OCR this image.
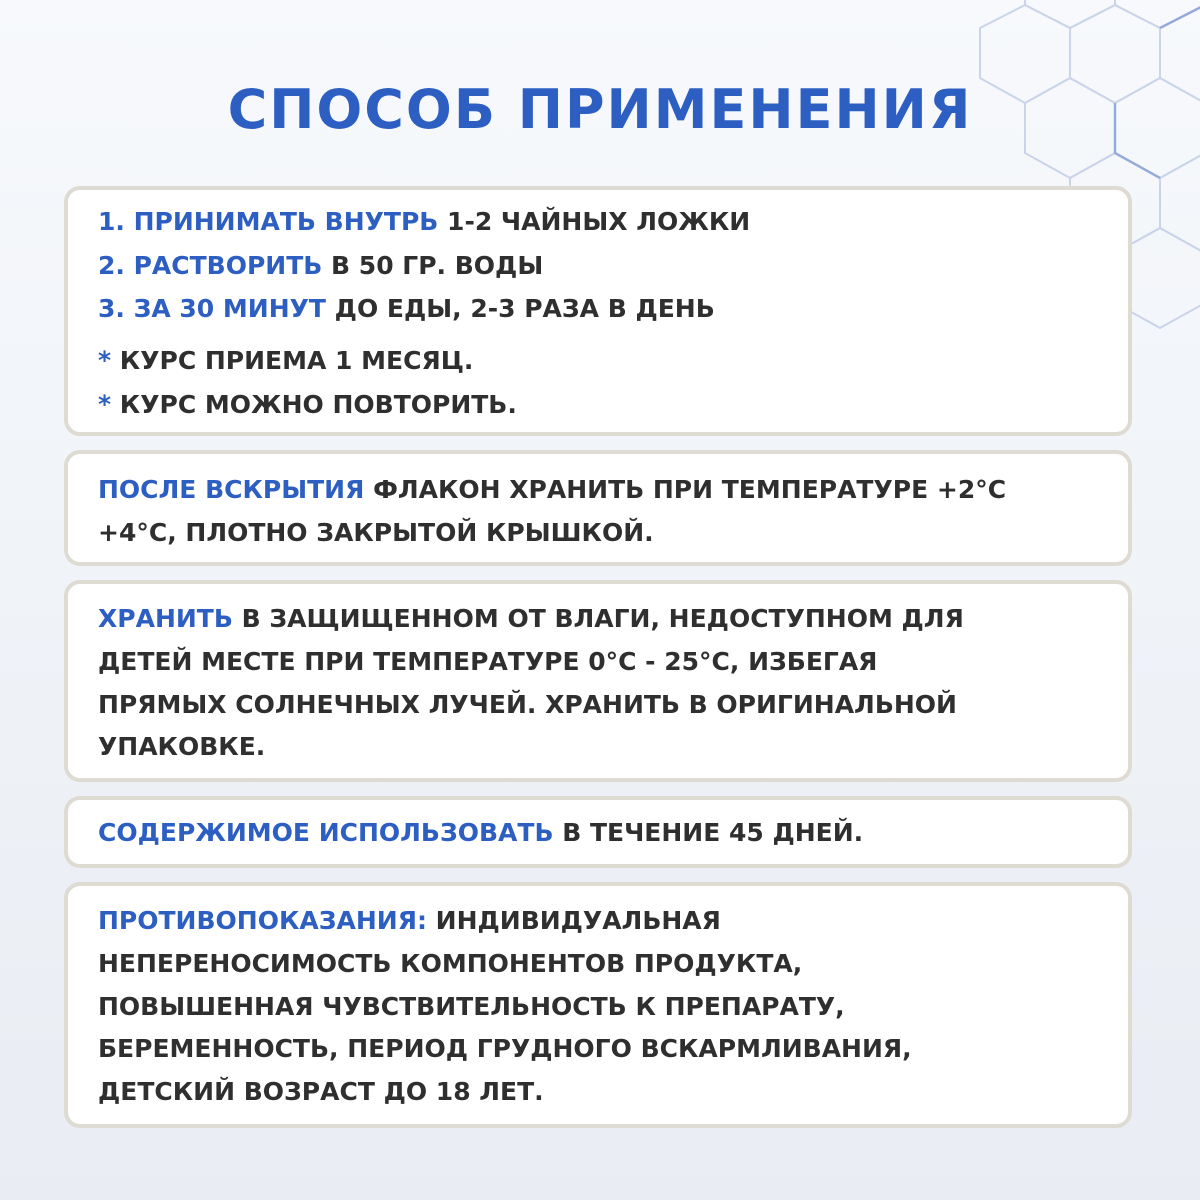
СПОСОБ ПРИМЕНЕНИЯ
1. ПРИНИМАТЬ ВНУТРЬ 1-2 ЧАЙНЫХ ЛОЖКИ
2. РАСТВОРИТЬ В 50 ГР. ВОДЫ
3. ЗА 30 МИНУТ ДО ЕДЫ, 2-3 РАЗА В ДЕНЬ
* КУРС ПРИЕМА 1 МЕСЯЦ.
* КУРС МОЖНО ПОВТОРИТЬ.
ПОСЛЕ ВСКРЫТИЯ ФЛАКОН ХРАНИТЬ ПРИ ТЕМПЕРАТУРЕ +2°С
+4°С, ПЛОТНО ЗАКРЫТОЙ КРЫШКОЙ.
ХРАНИТЬ В ЗАЩИЩЕННОМ ОТ ВЛАГИ, НЕДОСТУПНОМ ДЛЯ
ДЕТЕЙ МЕСТЕ ПРИ ТЕМПЕРАТУРЕ 0°С - 25°С, ИЗБЕГАЯ
ПРЯМЫХ СОЛНЕЧНЫХ ЛУЧЕЙ. ХРАНИТЬ В ОРИГИНАЛЬНОЙ
УПАКОВКЕ.
СОДЕРЖИМОЕ ИСПОЛЬЗОВАТЬ В ТЕЧЕНИЕ 45 ДНЕЙ.
ПРОТИВОПОКАЗАНИЯ: ИНДИВИДУАЛЬНАЯ
НЕПЕРЕНОСИМОСТЬ КОМПОНЕНТОВ ПРОДУКТА,
ПОВЫШЕННАЯ ЧУВСТВИТЕЛЬНОСТЬ К ПРЕПАРАТУ,
БЕРЕМЕННОСТЬ, ПЕРИОД ГРУДНОГО ВСКАРМЛИВАНИЯ,
ДЕТСКИЙ ВОЗРАСТ ДО 18 ЛЕТ.
